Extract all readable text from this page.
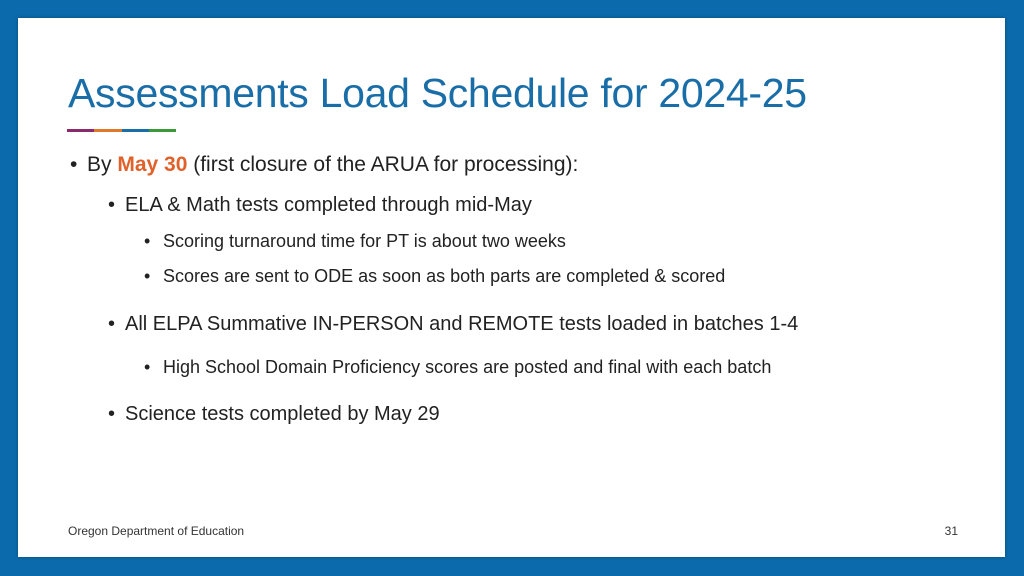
Assessments Load Schedule for 2024-25
• By May 30 (first closure of the ARUA for processing):
• ELA & Math tests completed through mid-May
• Scoring turnaround time for PT is about two weeks
• Scores are sent to ODE as soon as both parts are completed & scored
• All ELPA Summative IN-PERSON and REMOTE tests loaded in batches 1-4
• High School Domain Proficiency scores are posted and final with each batch
• Science tests completed by May 29
Oregon Department of Education	31
